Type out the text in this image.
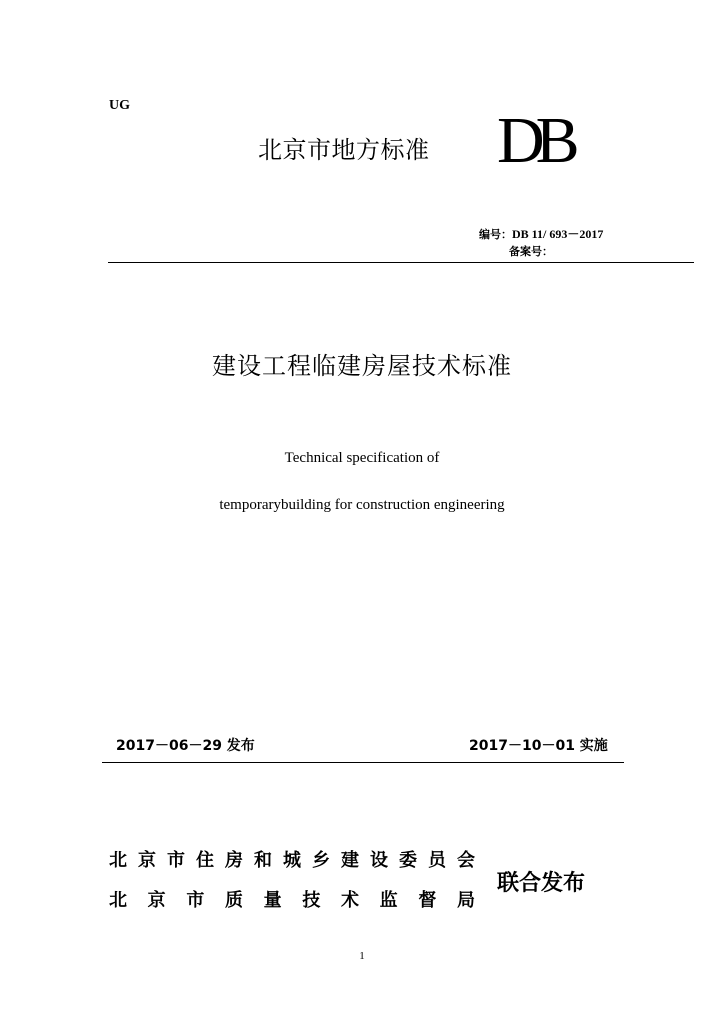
UG
北京市地方标准 DB
编号：DB 11/ 693－2017
备案号：
建设工程临建房屋技术标准
Technical specification of
temporarybuilding for construction engineering
2017－06－29 发布	2017－10－01 实施
北 京 市 住 房 和 城 乡 建 设 委 员 会
北 京 市 质 量 技 术 监 督 局
联合发布
1
